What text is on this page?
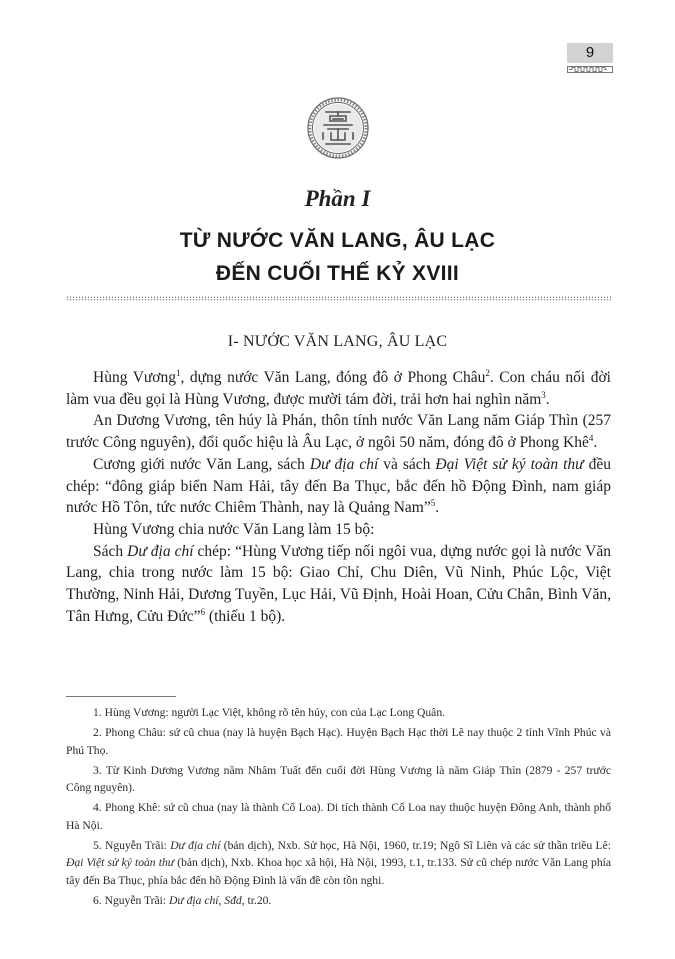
9
Phần I
TỪ NƯỚC VĂN LANG, ÂU LẠC
ĐẾN CUỐI THẾ KỶ XVIII
I- NƯỚC VĂN LANG, ÂU LẠC

Hùng Vương$^1$, dựng nước Văn Lang, đóng đô ở Phong Châu$^2$. Con cháu nối đời làm vua đều gọi là Hùng Vương, được mười tám đời, trải hơn hai nghìn năm$^3$.

An Dương Vương, tên húy là Phán, thôn tính nước Văn Lang năm Giáp Thìn (257 trước Công nguyên), đổi quốc hiệu là Âu Lạc, ở ngôi 50 năm, đóng đô ở Phong Khê$^4$.

Cương giới nước Văn Lang, sách Dư địa chí và sách Đại Việt sử ký toàn thư đều chép: “đông giáp biển Nam Hải, tây đến Ba Thục, bắc đến hồ Động Đình, nam giáp nước Hồ Tôn, tức nước Chiêm Thành, nay là Quảng Nam”$^5$.

Hùng Vương chia nước Văn Lang làm 15 bộ:

Sách Dư địa chí chép: “Hùng Vương tiếp nối ngôi vua, dựng nước gọi là nước Văn Lang, chia trong nước làm 15 bộ: Giao Chỉ, Chu Diên, Vũ Ninh, Phúc Lộc, Việt Thường, Ninh Hải, Dương Tuyền, Lục Hải, Vũ Định, Hoài Hoan, Cửu Chân, Bình Văn, Tân Hưng, Cửu Đức”$^6$ (thiếu 1 bộ).

1. Hùng Vương: người Lạc Việt, không rõ tên húy, con của Lạc Long Quân.

2. Phong Châu: sứ cũ chua (nay là huyện Bạch Hạc). Huyện Bạch Hạc thời Lê nay thuộc 2 tỉnh Vĩnh Phúc và Phú Thọ.

3. Từ Kinh Dương Vương năm Nhâm Tuất đến cuối đời Hùng Vương là năm Giáp Thìn (2879 - 257 trước Công nguyên).

4. Phong Khê: sứ cũ chua (nay là thành Cổ Loa). Di tích thành Cổ Loa nay thuộc huyện Đông Anh, thành phố Hà Nội.

5. Nguyễn Trãi: Dư địa chí (bản dịch), Nxb. Sử học, Hà Nội, 1960, tr.19; Ngô Sĩ Liên và các sử thần triều Lê: Đại Việt sử ký toàn thư (bản dịch), Nxb. Khoa học xã hội, Hà Nội, 1993, t.1, tr.133. Sử cũ chép nước Văn Lang phía tây đến Ba Thục, phía bắc đến hồ Động Đình là vấn đề còn tồn nghi.

6. Nguyễn Trãi: Dư địa chí, Sđd, tr.20.
